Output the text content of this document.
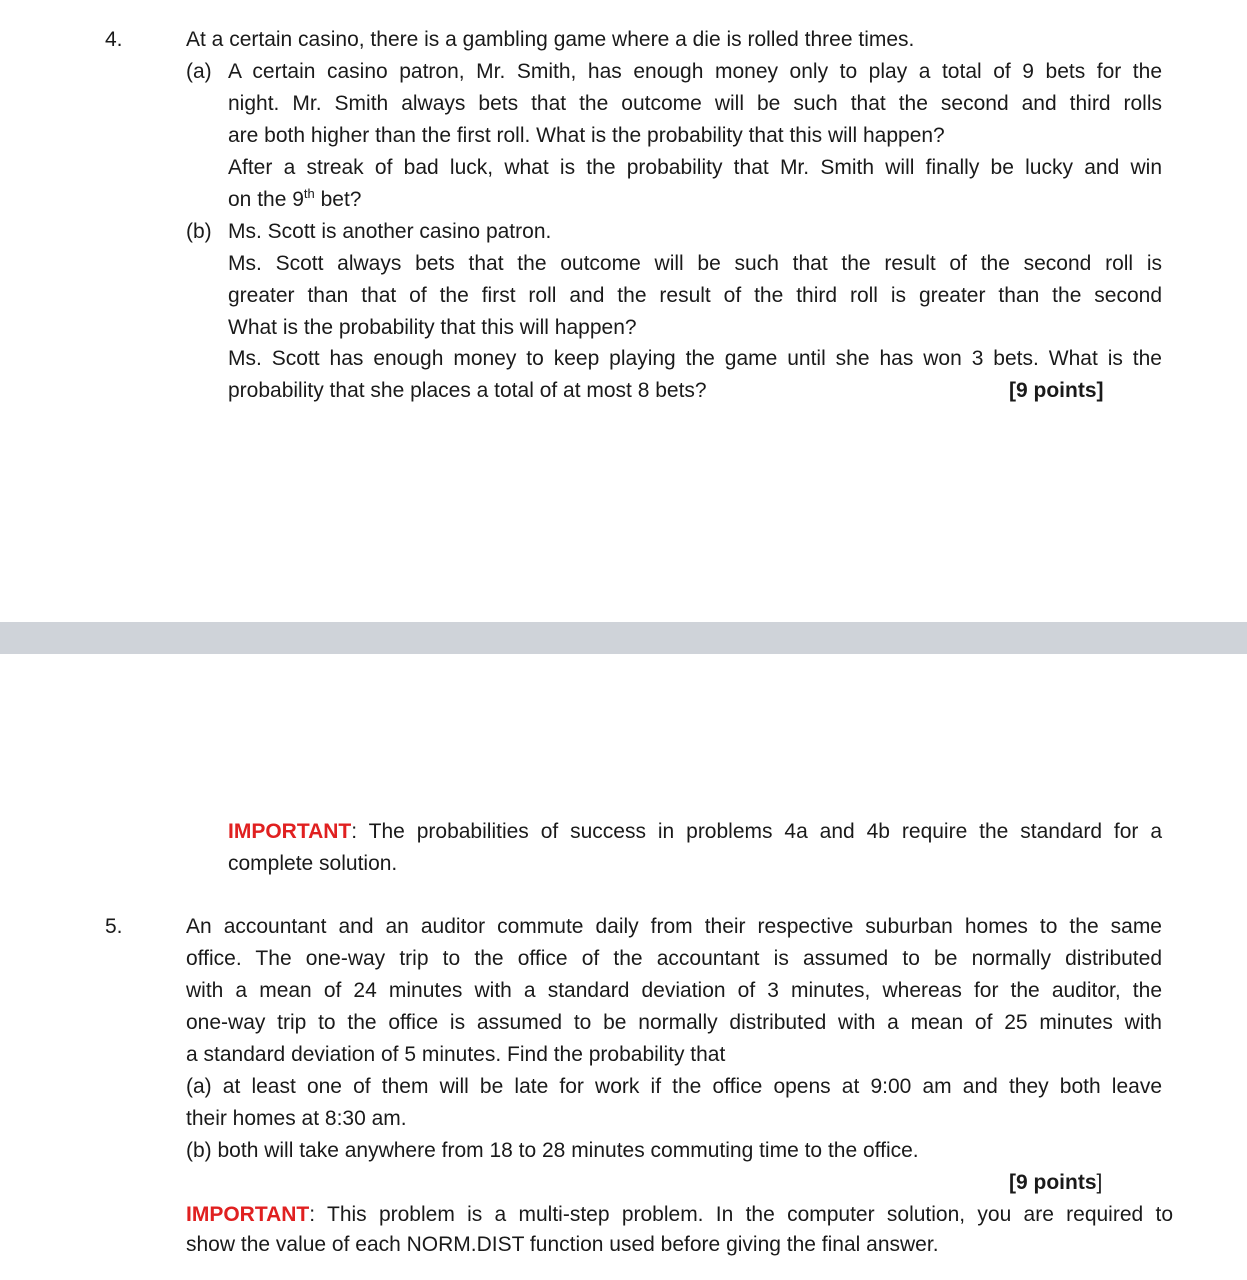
4.	At a certain casino, there is a gambling game where a die is rolled three times.
(a) A certain casino patron, Mr. Smith, has enough money only to play a total of 9 bets for the
night. Mr. Smith always bets that the outcome will be such that the second and third rolls
are both higher than the first roll. What is the probability that this will happen?
After a streak of bad luck, what is the probability that Mr. Smith will finally be lucky and win
on the 9th bet?
(b) Ms. Scott is another casino patron.
Ms. Scott always bets that the outcome will be such that the result of the second roll is
greater than that of the first roll and the result of the third roll is greater than the second
What is the probability that this will happen?
Ms. Scott has enough money to keep playing the game until she has won 3 bets. What is the
probability that she places a total of at most 8 bets?	[9 points]
IMPORTANT: The probabilities of success in problems 4a and 4b require the standard for a
complete solution.
5.	An accountant and an auditor commute daily from their respective suburban homes to the same
office. The one-way trip to the office of the accountant is assumed to be normally distributed
with a mean of 24 minutes with a standard deviation of 3 minutes, whereas for the auditor, the
one-way trip to the office is assumed to be normally distributed with a mean of 25 minutes with
a standard deviation of 5 minutes. Find the probability that
(a) at least one of them will be late for work if the office opens at 9:00 am and they both leave
their homes at 8:30 am.
(b) both will take anywhere from 18 to 28 minutes commuting time to the office.
[9 points]
IMPORTANT: This problem is a multi-step problem. In the computer solution, you are required to
show the value of each NORM.DIST function used before giving the final answer.
